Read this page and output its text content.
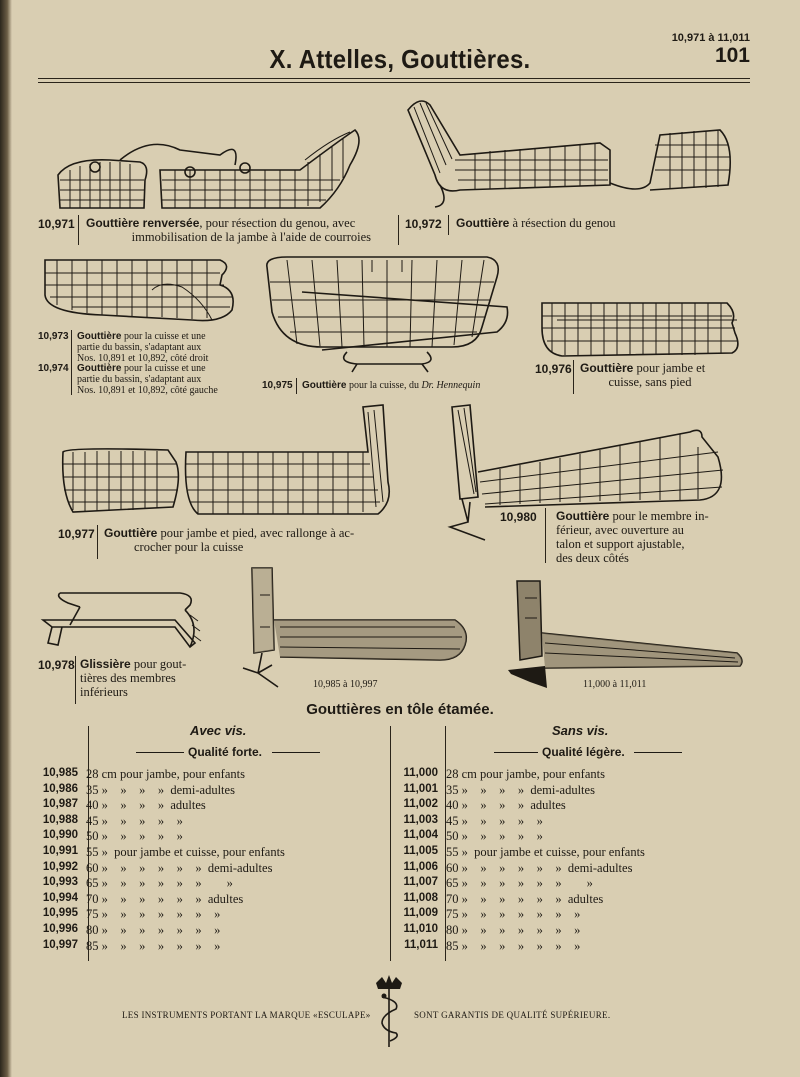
10,971 à 11,011
101
X. Attelles, Gouttières.
10,971 Gouttière renversée, pour résection du genou, avec

immobilisation de la jambe à l'aide de courroies
10,972 Gouttière à résection du genou
10,973 Gouttière pour la cuisse et une
partie du bassin, s'adaptant aux
Nos. 10,891 et 10,892, côté droit
10,974 Gouttière pour la cuisse et une
partie du bassin, s'adaptant aux
Nos. 10,891 et 10,892, côté gauche	10,975 Gouttière pour la cuisse, du Dr. Hennequin
10,976 Gouttière pour jambe et

cuisse, sans pied
10,977 Gouttière pour jambe et pied, avec rallonge à ac-
crocher pour la cuisse
10,980 Gouttière pour le membre in-
férieur, avec ouverture au
talon et support ajustable,
des deux côtés
10,978 Glissière pour gout-
tières des membres
inférieurs
10,985 à 10,997	11,000 à 11,011
Gouttières en tôle étamée.
Avec vis.
Qualité forte.
Sans vis.
Qualité légère.
10,985 28 cm pour jambe, pour enfants
10,986 35 »    »    »    »  demi-adultes
10,987 40 »    »    »    »  adultes
10,988 45 »    »    »    »    »
10,990 50 »    »    »    »    »
10,991 55 »  pour jambe et cuisse, pour enfants
10,992 60 »    »    »    »    »    »  demi-adultes
10,993 65 »    »    »    »    »    »        »
10,994 70 »    »    »    »    »    »  adultes
10,995 75 »    »    »    »    »    »    »
10,996 80 »    »    »    »    »    »    »
10,997 85 »    »    »    »    »    »    »
11,000 28 cm pour jambe, pour enfants
11,001 35 »    »    »    »  demi-adultes
11,002 40 »    »    »    »  adultes
11,003 45 »    »    »    »    »
11,004 50 »    »    »    »    »
11,005 55 »  pour jambe et cuisse, pour enfants
11,006 60 »    »    »    »    »    »  demi-adultes
11,007 65 »    »    »    »    »    »        »
11,008 70 »    »    »    »    »    »  adultes
11,009 75 »    »    »    »    »    »    »
11,010 80 »    »    »    »    »    »    »
11,011 85 »    »    »    »    »    »    »
LES INSTRUMENTS PORTANT LA MARQUE «ESCULAPE»	SONT GARANTIS DE QUALITÉ SUPÉRIEURE.
